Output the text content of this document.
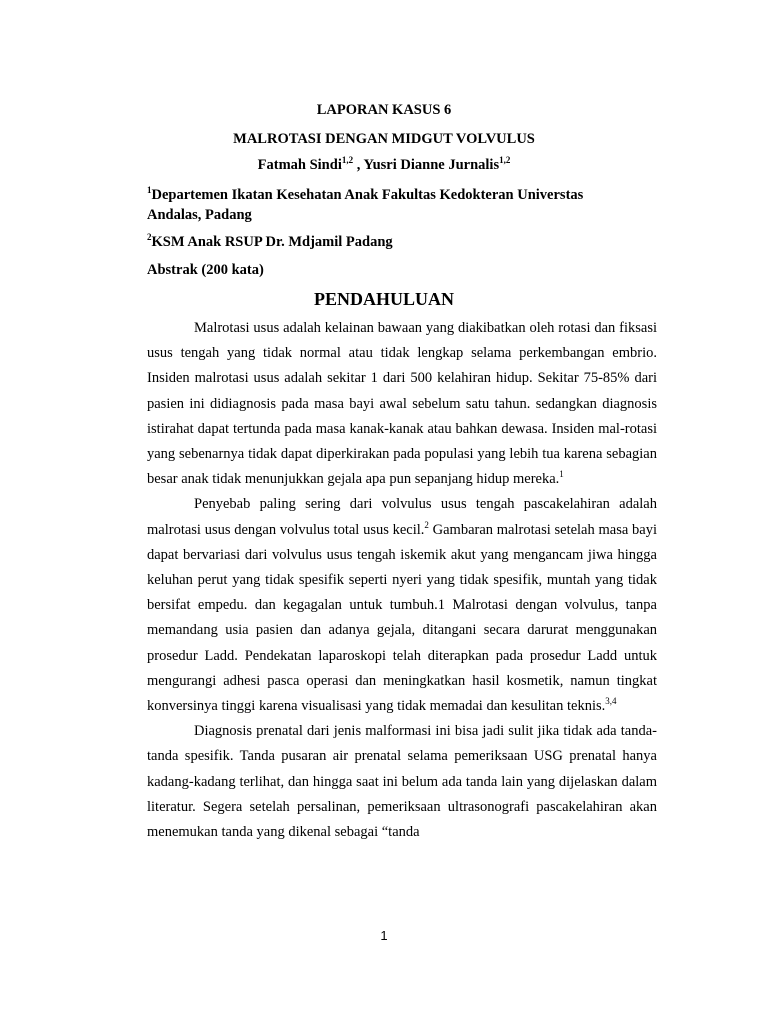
LAPORAN KASUS 6
MALROTASI DENGAN MIDGUT VOLVULUS
Fatmah Sindi$^{1,2}$ , Yusri Dianne Jurnalis$^{1,2}$
$^1$Departemen Ikatan Kesehatan Anak Fakultas Kedokteran Universtas Andalas, Padang
$^2$KSM Anak RSUP Dr. Mdjamil Padang
Abstrak (200 kata)
PENDAHULUAN

Malrotasi usus adalah kelainan bawaan yang diakibatkan oleh rotasi dan fiksasi usus tengah yang tidak normal atau tidak lengkap selama perkembangan embrio. Insiden malrotasi usus adalah sekitar 1 dari 500 kelahiran hidup. Sekitar 75-85% dari pasien ini didiagnosis pada masa bayi awal sebelum satu tahun. sedangkan diagnosis istirahat dapat tertunda pada masa kanak-kanak atau bahkan dewasa. Insiden mal-rotasi yang sebenarnya tidak dapat diperkirakan pada populasi yang lebih tua karena sebagian besar anak tidak menunjukkan gejala apa pun sepanjang hidup mereka.$^1$

Penyebab paling sering dari volvulus usus tengah pascakelahiran adalah malrotasi usus dengan volvulus total usus kecil.$^2$ Gambaran malrotasi setelah masa bayi dapat bervariasi dari volvulus usus tengah iskemik akut yang mengancam jiwa hingga keluhan perut yang tidak spesifik seperti nyeri yang tidak spesifik, muntah yang tidak bersifat empedu. dan kegagalan untuk tumbuh.1 Malrotasi dengan volvulus, tanpa memandang usia pasien dan adanya gejala, ditangani secara darurat menggunakan prosedur Ladd. Pendekatan laparoskopi telah diterapkan pada prosedur Ladd untuk mengurangi adhesi pasca operasi dan meningkatkan hasil kosmetik, namun tingkat konversinya tinggi karena visualisasi yang tidak memadai dan kesulitan teknis.$^{3,4}$

Diagnosis prenatal dari jenis malformasi ini bisa jadi sulit jika tidak ada tanda-tanda spesifik. Tanda pusaran air prenatal selama pemeriksaan USG prenatal hanya kadang-kadang terlihat, dan hingga saat ini belum ada tanda lain yang dijelaskan dalam literatur. Segera setelah persalinan, pemeriksaan ultrasonografi pascakelahiran akan menemukan tanda yang dikenal sebagai “tanda

1
